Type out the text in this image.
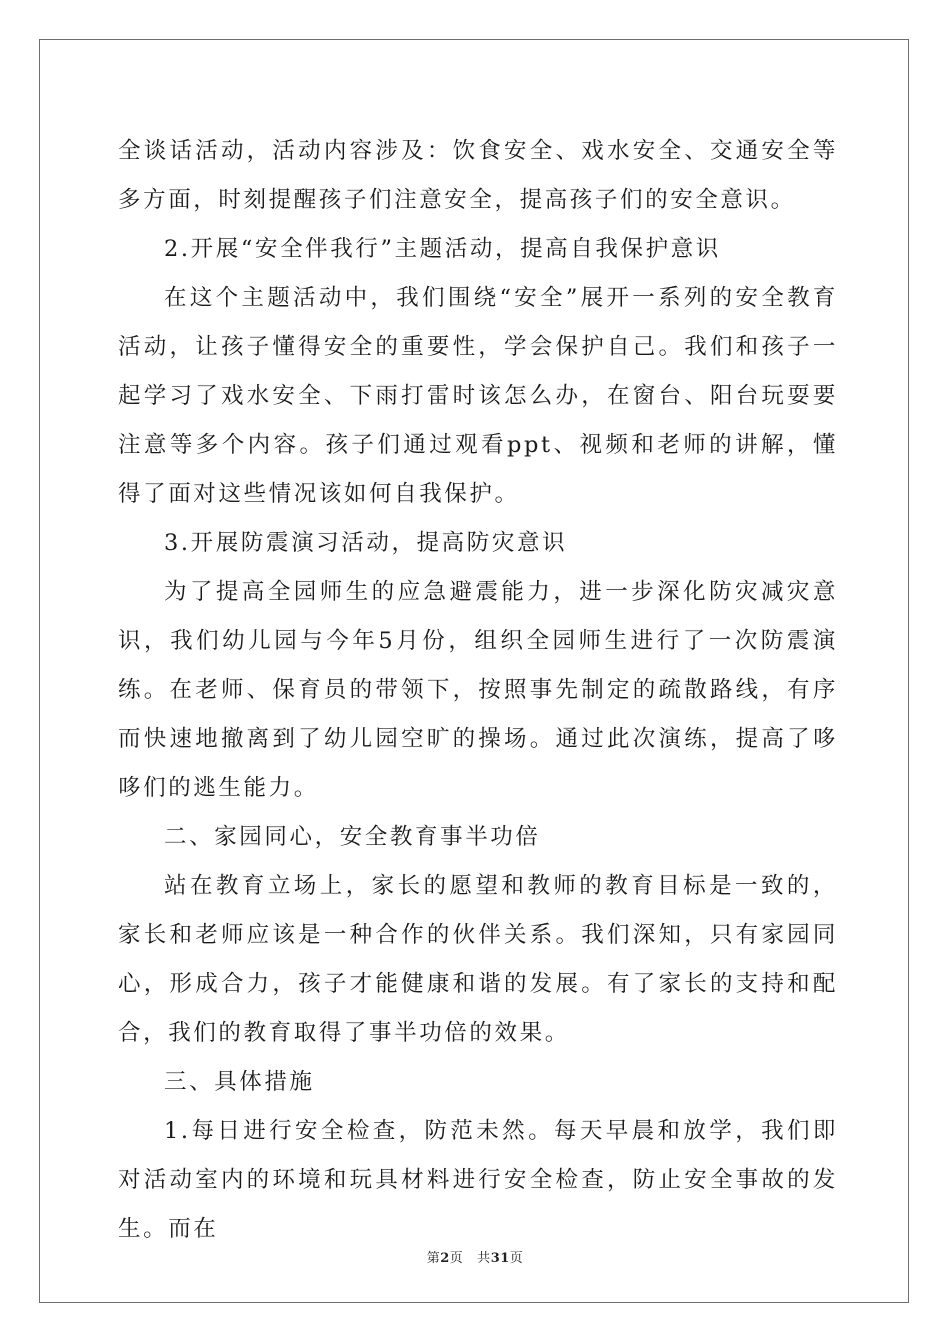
全谈话活动，活动内容涉及：饮食安全、戏水安全、交通安全等多方面，时刻提醒孩子们注意安全，提高孩子们的安全意识。

2.开展“安全伴我行”主题活动，提高自我保护意识

在这个主题活动中，我们围绕“安全”展开一系列的安全教育活动，让孩子懂得安全的重要性，学会保护自己。我们和孩子一起学习了戏水安全、下雨打雷时该怎么办，在窗台、阳台玩耍要注意等多个内容。孩子们通过观看ppt、视频和老师的讲解，懂得了面对这些情况该如何自我保护。

3.开展防震演习活动，提高防灾意识

为了提高全园师生的应急避震能力，进一步深化防灾减灾意识，我们幼儿园与今年5月份，组织全园师生进行了一次防震演练。在老师、保育员的带领下，按照事先制定的疏散路线，有序而快速地撤离到了幼儿园空旷的操场。通过此次演练，提高了哆哆们的逃生能力。

二、家园同心，安全教育事半功倍

站在教育立场上，家长的愿望和教师的教育目标是一致的，家长和老师应该是一种合作的伙伴关系。我们深知，只有家园同心，形成合力，孩子才能健康和谐的发展。有了家长的支持和配合，我们的教育取得了事半功倍的效果。

三、具体措施

1.每日进行安全检查，防范未然。每天早晨和放学，我们即对活动室内的环境和玩具材料进行安全检查，防止安全事故的发生。而在

第2页 共31页
